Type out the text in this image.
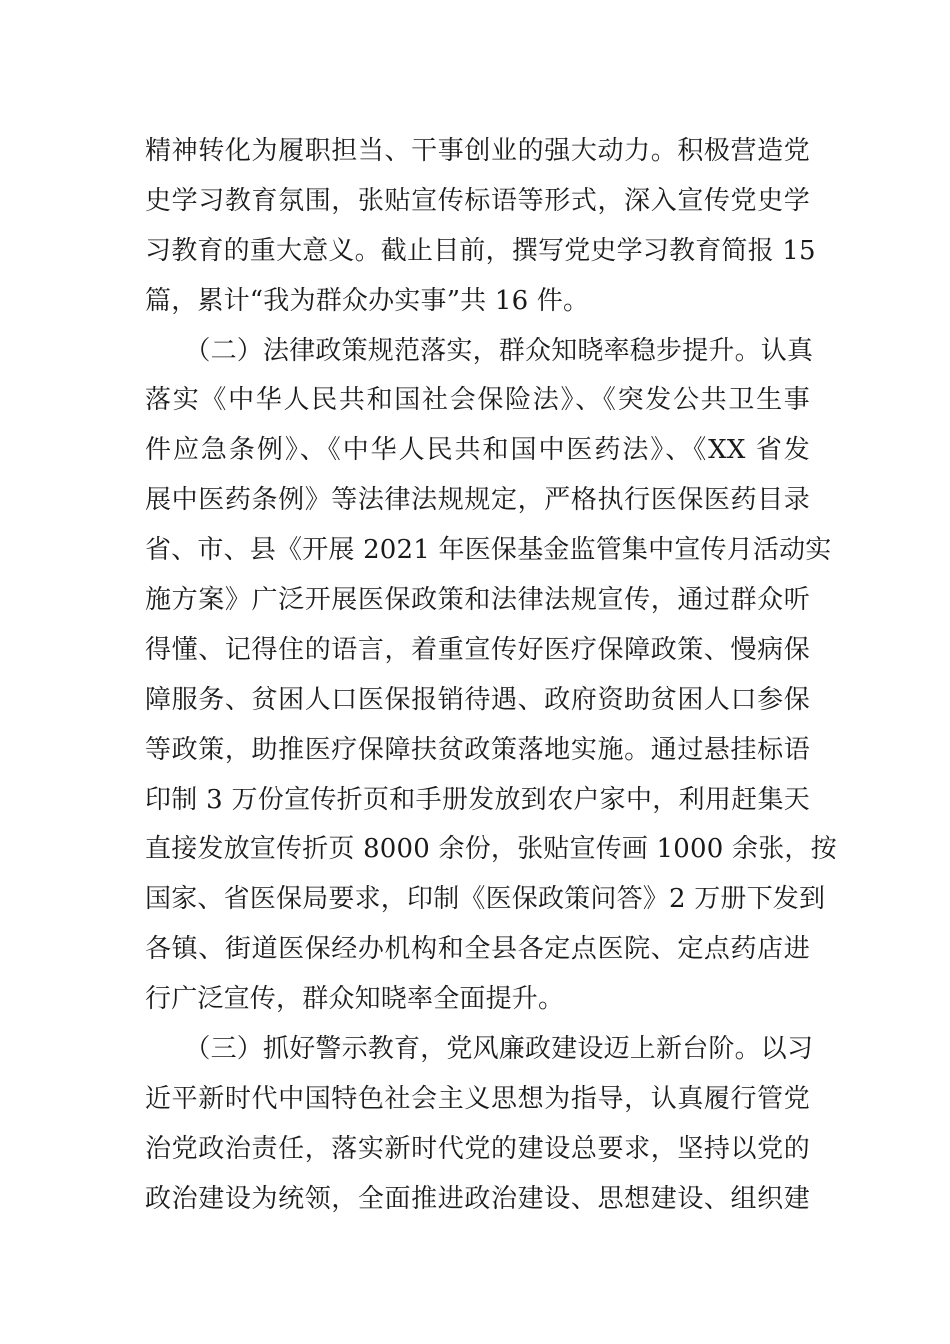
精神转化为履职担当、干事创业的强大动力。积极营造党
史学习教育氛围，张贴宣传标语等形式，深入宣传党史学
习教育的重大意义。截止目前，撰写党史学习教育简报 15
篇，累计“我为群众办实事”共 16 件。
　　（二）法律政策规范落实，群众知晓率稳步提升。认真
落实《中华人民共和国社会保险法》、《突发公共卫生事
件应急条例》、《中华人民共和国中医药法》、《XX 省发
展中医药条例》等法律法规规定，严格执行医保医药目录
省、市、县《开展 2021 年医保基金监管集中宣传月活动实
施方案》广泛开展医保政策和法律法规宣传，通过群众听
得懂、记得住的语言，着重宣传好医疗保障政策、慢病保
障服务、贫困人口医保报销待遇、政府资助贫困人口参保
等政策，助推医疗保障扶贫政策落地实施。通过悬挂标语
印制 3 万份宣传折页和手册发放到农户家中，利用赶集天
直接发放宣传折页 8000 余份，张贴宣传画 1000 余张，按
国家、省医保局要求，印制《医保政策问答》2 万册下发到
各镇、街道医保经办机构和全县各定点医院、定点药店进
行广泛宣传，群众知晓率全面提升。
　　（三）抓好警示教育，党风廉政建设迈上新台阶。以习
近平新时代中国特色社会主义思想为指导，认真履行管党
治党政治责任，落实新时代党的建设总要求，坚持以党的
政治建设为统领，全面推进政治建设、思想建设、组织建
